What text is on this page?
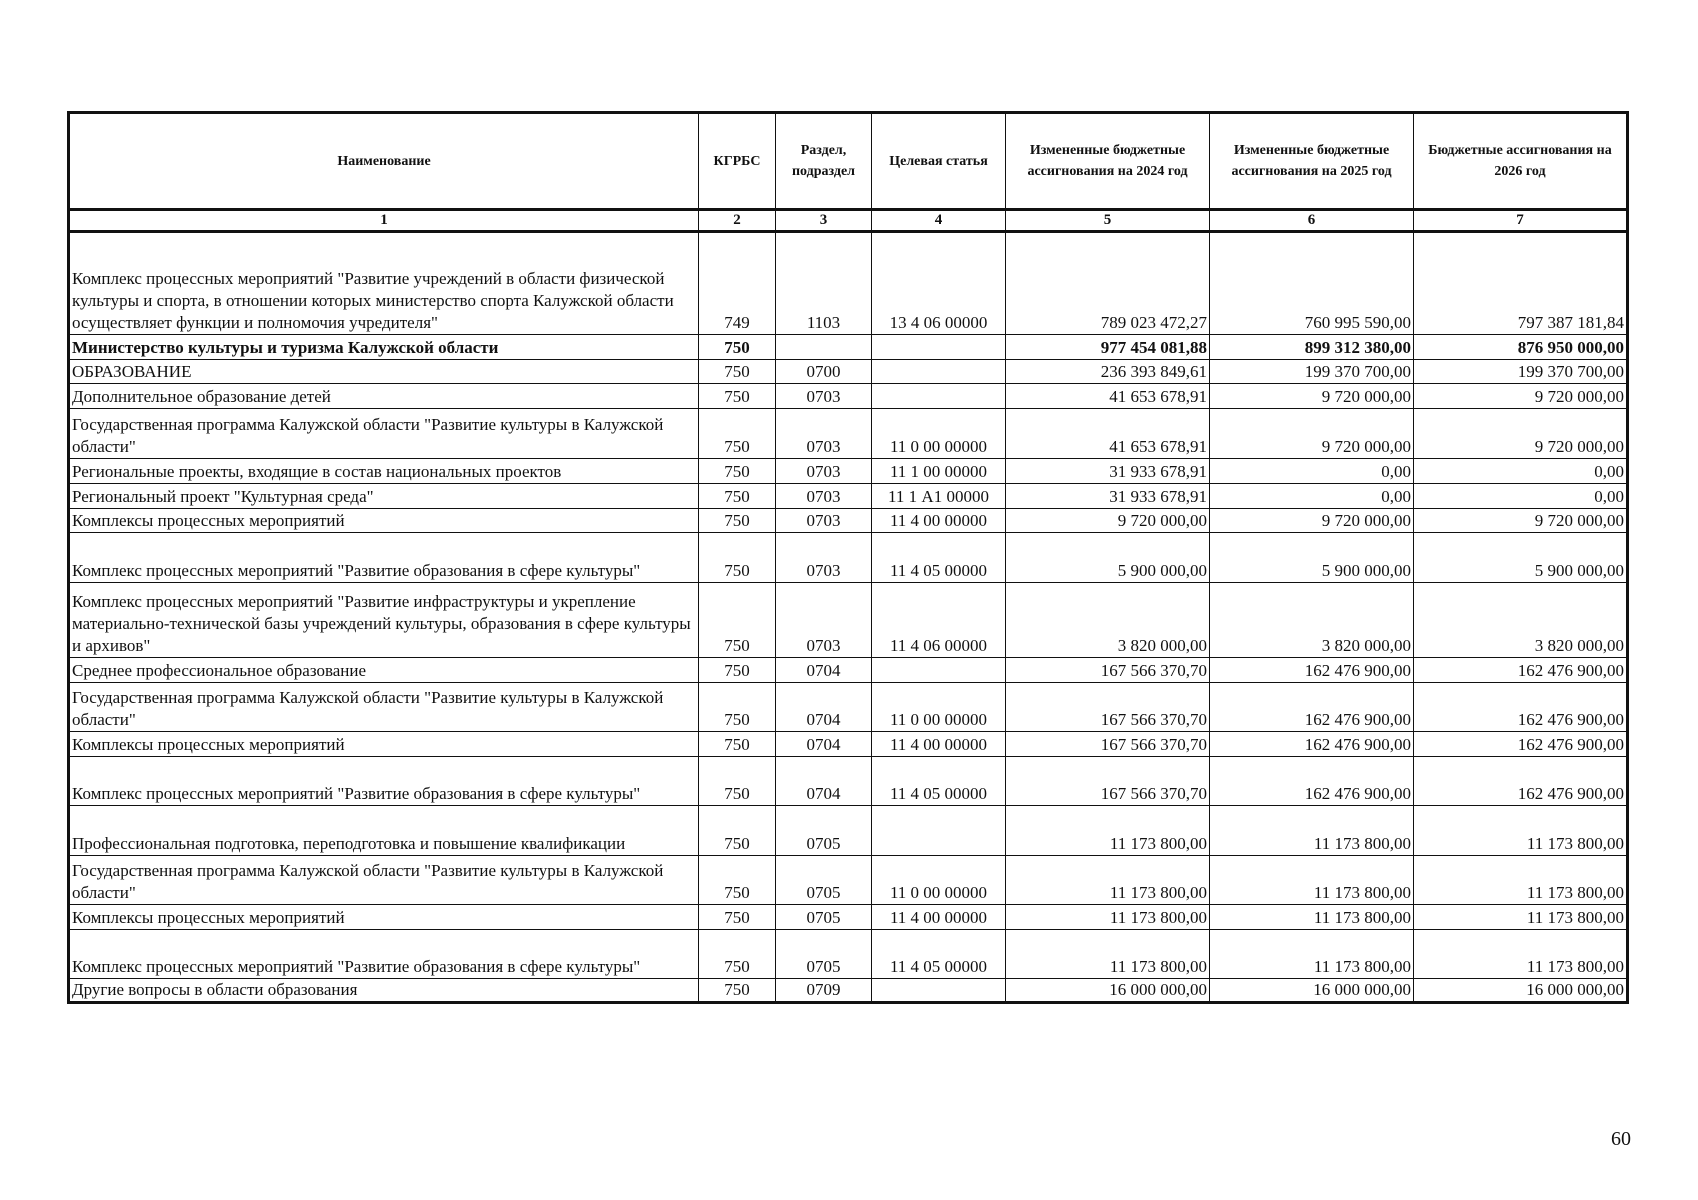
Наименование	КГРБС	Раздел, подраздел	Целевая статья	Измененные бюджетные ассигнования на 2024 год	Измененные бюджетные ассигнования на 2025 год	Бюджетные ассигнования на 2026 год
1	2	3	4	5	6	7
Комплекс процессных мероприятий "Развитие учреждений в области физической культуры и спорта, в отношении которых министерство спорта Калужской области осуществляет функции и полномочия учредителя"	749	1103	13 4 06 00000	789 023 472,27	760 995 590,00	797 387 181,84
Министерство культуры и туризма Калужской области	750			977 454 081,88	899 312 380,00	876 950 000,00
ОБРАЗОВАНИЕ	750	0700		236 393 849,61	199 370 700,00	199 370 700,00
Дополнительное образование детей	750	0703		41 653 678,91	9 720 000,00	9 720 000,00
Государственная программа Калужской области "Развитие культуры в Калужской области"	750	0703	11 0 00 00000	41 653 678,91	9 720 000,00	9 720 000,00
Региональные проекты, входящие в состав национальных проектов	750	0703	11 1 00 00000	31 933 678,91	0,00	0,00
Региональный проект "Культурная среда"	750	0703	11 1 А1 00000	31 933 678,91	0,00	0,00
Комплексы процессных мероприятий	750	0703	11 4 00 00000	9 720 000,00	9 720 000,00	9 720 000,00
Комплекс процессных мероприятий "Развитие образования в сфере культуры"	750	0703	11 4 05 00000	5 900 000,00	5 900 000,00	5 900 000,00
Комплекс процессных мероприятий "Развитие инфраструктуры и укрепление материально-технической базы учреждений культуры, образования в сфере культуры и архивов"	750	0703	11 4 06 00000	3 820 000,00	3 820 000,00	3 820 000,00
Среднее профессиональное образование	750	0704		167 566 370,70	162 476 900,00	162 476 900,00
Государственная программа Калужской области "Развитие культуры в Калужской области"	750	0704	11 0 00 00000	167 566 370,70	162 476 900,00	162 476 900,00
Комплексы процессных мероприятий	750	0704	11 4 00 00000	167 566 370,70	162 476 900,00	162 476 900,00
Комплекс процессных мероприятий "Развитие образования в сфере культуры"	750	0704	11 4 05 00000	167 566 370,70	162 476 900,00	162 476 900,00
Профессиональная подготовка, переподготовка и повышение квалификации	750	0705		11 173 800,00	11 173 800,00	11 173 800,00
Государственная программа Калужской области "Развитие культуры в Калужской области"	750	0705	11 0 00 00000	11 173 800,00	11 173 800,00	11 173 800,00
Комплексы процессных мероприятий	750	0705	11 4 00 00000	11 173 800,00	11 173 800,00	11 173 800,00
Комплекс процессных мероприятий "Развитие образования в сфере культуры"	750	0705	11 4 05 00000	11 173 800,00	11 173 800,00	11 173 800,00
Другие вопросы в области образования	750	0709		16 000 000,00	16 000 000,00	16 000 000,00
60
